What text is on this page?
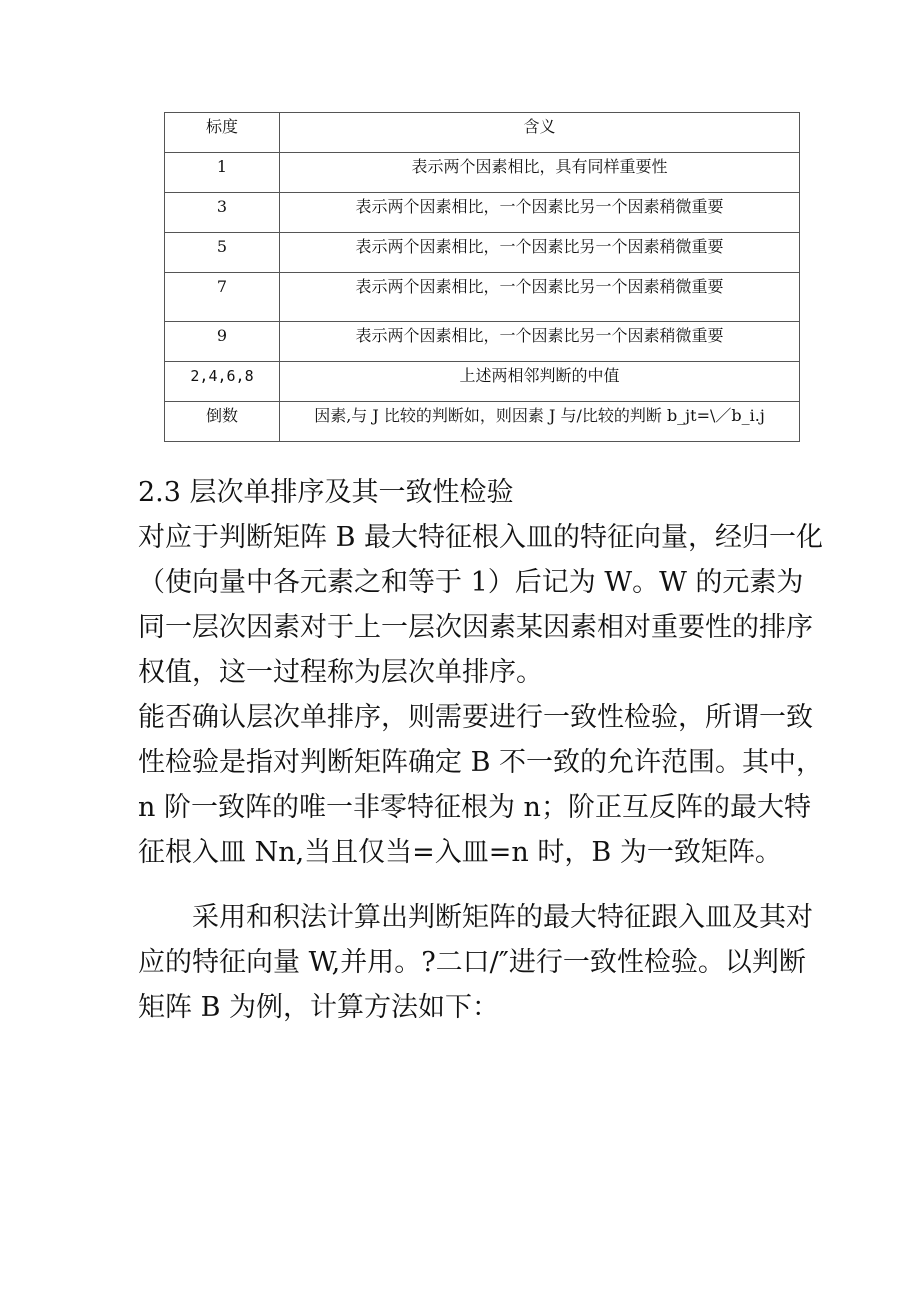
标度	含义
1	表示两个因素相比，具有同样重要性
3	表示两个因素相比，一个因素比另一个因素稍微重要
5	表示两个因素相比，一个因素比另一个因素稍微重要
7	表示两个因素相比，一个因素比另一个因素稍微重要
9	表示两个因素相比，一个因素比另一个因素稍微重要
2,4,6,8	上述两相邻判断的中值
倒数	因素,与 J 比较的判断如，则因素 J 与/比较的判断 b_jt=\／b_i.j

2.3 层次单排序及其一致性检验

对应于判断矩阵 B 最大特征根入皿的特征向量，经归一化（使向量中各元素之和等于 1）后记为 W。W 的元素为同一层次因素对于上一层次因素某因素相对重要性的排序权值，这一过程称为层次单排序。

能否确认层次单排序，则需要进行一致性检验，所谓一致性检验是指对判断矩阵确定 B 不一致的允许范围。其中，n 阶一致阵的唯一非零特征根为 n；阶正互反阵的最大特征根入皿 Nn,当且仅当=入皿=n 时，B 为一致矩阵。

采用和积法计算出判断矩阵的最大特征跟入皿及其对应的特征向量 W,并用。?二口/″进行一致性检验。以判断矩阵 B 为例，计算方法如下：
